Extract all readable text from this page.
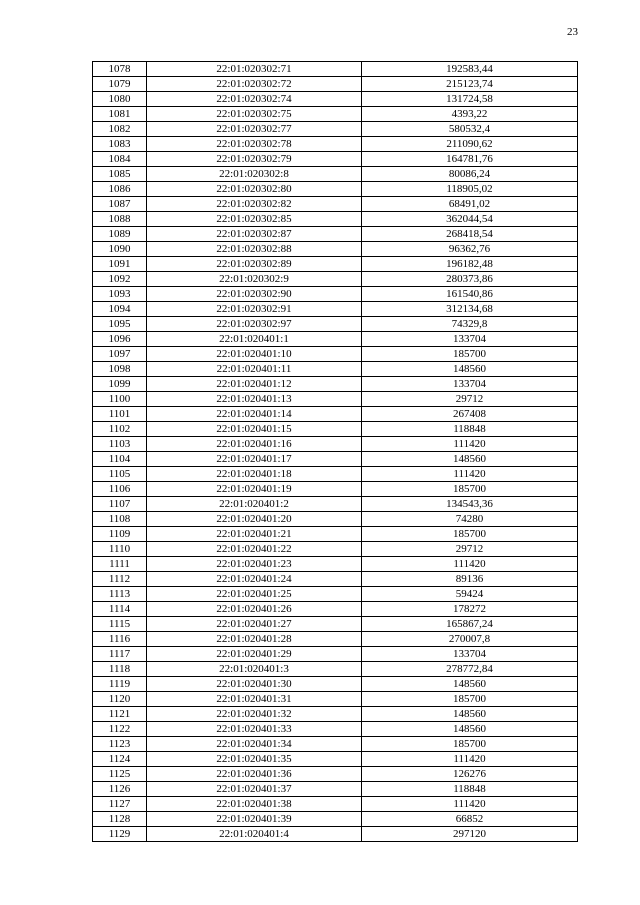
23
1078	22:01:020302:71	192583,44
1079	22:01:020302:72	215123,74
1080	22:01:020302:74	131724,58
1081	22:01:020302:75	4393,22
1082	22:01:020302:77	580532,4
1083	22:01:020302:78	211090,62
1084	22:01:020302:79	164781,76
1085	22:01:020302:8	80086,24
1086	22:01:020302:80	118905,02
1087	22:01:020302:82	68491,02
1088	22:01:020302:85	362044,54
1089	22:01:020302:87	268418,54
1090	22:01:020302:88	96362,76
1091	22:01:020302:89	196182,48
1092	22:01:020302:9	280373,86
1093	22:01:020302:90	161540,86
1094	22:01:020302:91	312134,68
1095	22:01:020302:97	74329,8
1096	22:01:020401:1	133704
1097	22:01:020401:10	185700
1098	22:01:020401:11	148560
1099	22:01:020401:12	133704
1100	22:01:020401:13	29712
1101	22:01:020401:14	267408
1102	22:01:020401:15	118848
1103	22:01:020401:16	111420
1104	22:01:020401:17	148560
1105	22:01:020401:18	111420
1106	22:01:020401:19	185700
1107	22:01:020401:2	134543,36
1108	22:01:020401:20	74280
1109	22:01:020401:21	185700
1110	22:01:020401:22	29712
1111	22:01:020401:23	111420
1112	22:01:020401:24	89136
1113	22:01:020401:25	59424
1114	22:01:020401:26	178272
1115	22:01:020401:27	165867,24
1116	22:01:020401:28	270007,8
1117	22:01:020401:29	133704
1118	22:01:020401:3	278772,84
1119	22:01:020401:30	148560
1120	22:01:020401:31	185700
1121	22:01:020401:32	148560
1122	22:01:020401:33	148560
1123	22:01:020401:34	185700
1124	22:01:020401:35	111420
1125	22:01:020401:36	126276
1126	22:01:020401:37	118848
1127	22:01:020401:38	111420
1128	22:01:020401:39	66852
1129	22:01:020401:4	297120
